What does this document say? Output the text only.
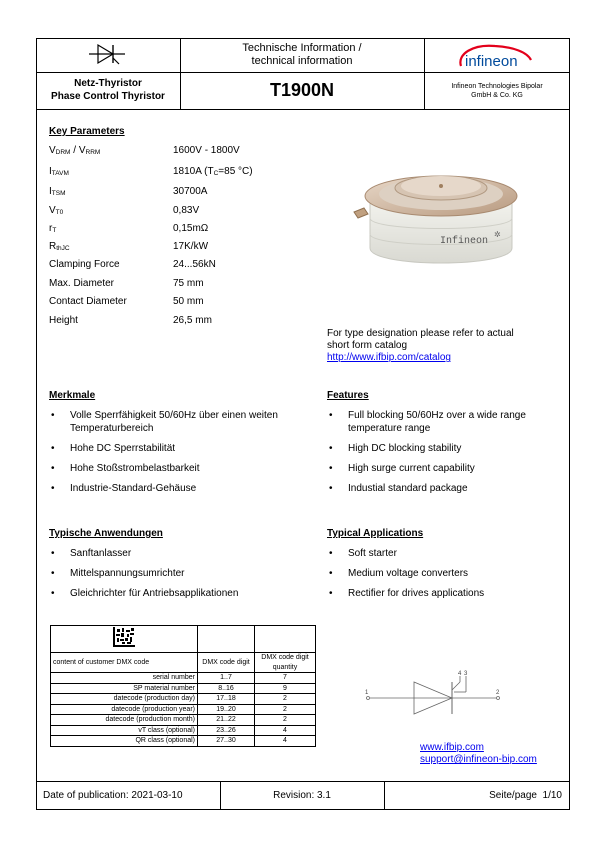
Technische Information /
technical information
Netz-Thyristor
Phase Control Thyristor	T1900N
infineon
Infineon Technologies Bipolar
GmbH & Co. KG
Key Parameters
$V_{DRM} / V_{RRM}$	1600V - 1800V
$I_{TAVM}$	1810A ($T_C=85$ °C)
$I_{TSM}$	30700A
$V_{T0}$	0,83V
$r_T$	0,15mΩ
$R_{thJC}$	17K/kW
Clamping Force	24...56kN
Max. Diameter	75 mm
Contact Diameter	50 mm
Height	26,5 mm
Infineon
✲
For type designation please refer to actual
short form catalog
http://www.ifbip.com/catalog
Merkmale
• Volle Sperrfähigkeit 50/60Hz über einen weiten Temperaturbereich
• Hohe DC Sperrstabilität
• Hohe Stoßstrombelastbarkeit
• Industrie-Standard-Gehäuse
Features
• Full blocking 50/60Hz over a wide range temperature range
• High DC blocking stability
• High surge current capability
• Industial standard package
Typische Anwendungen
• Sanftanlasser
• Mittelspannungsumrichter
• Gleichrichter für Antriebsapplikationen
Typical Applications
• Soft starter
• Medium voltage converters
• Rectifier for drives applications

content of customer DMX code	DMX code digit	DMX code digit quantity
serial number	1..7	7
SP material number	8..16	9
datecode (production day)	17..18	2
datecode (production year)	19..20	2
datecode (production month)	21..22	2
vT class (optional)	23..26	4
QR class (optional)	27..30	4
1	2
4 3
www.ifbip.com
support@infineon-bip.com
Date of publication: 2021-03-10	Revision: 3.1	Seite/page 1/10
